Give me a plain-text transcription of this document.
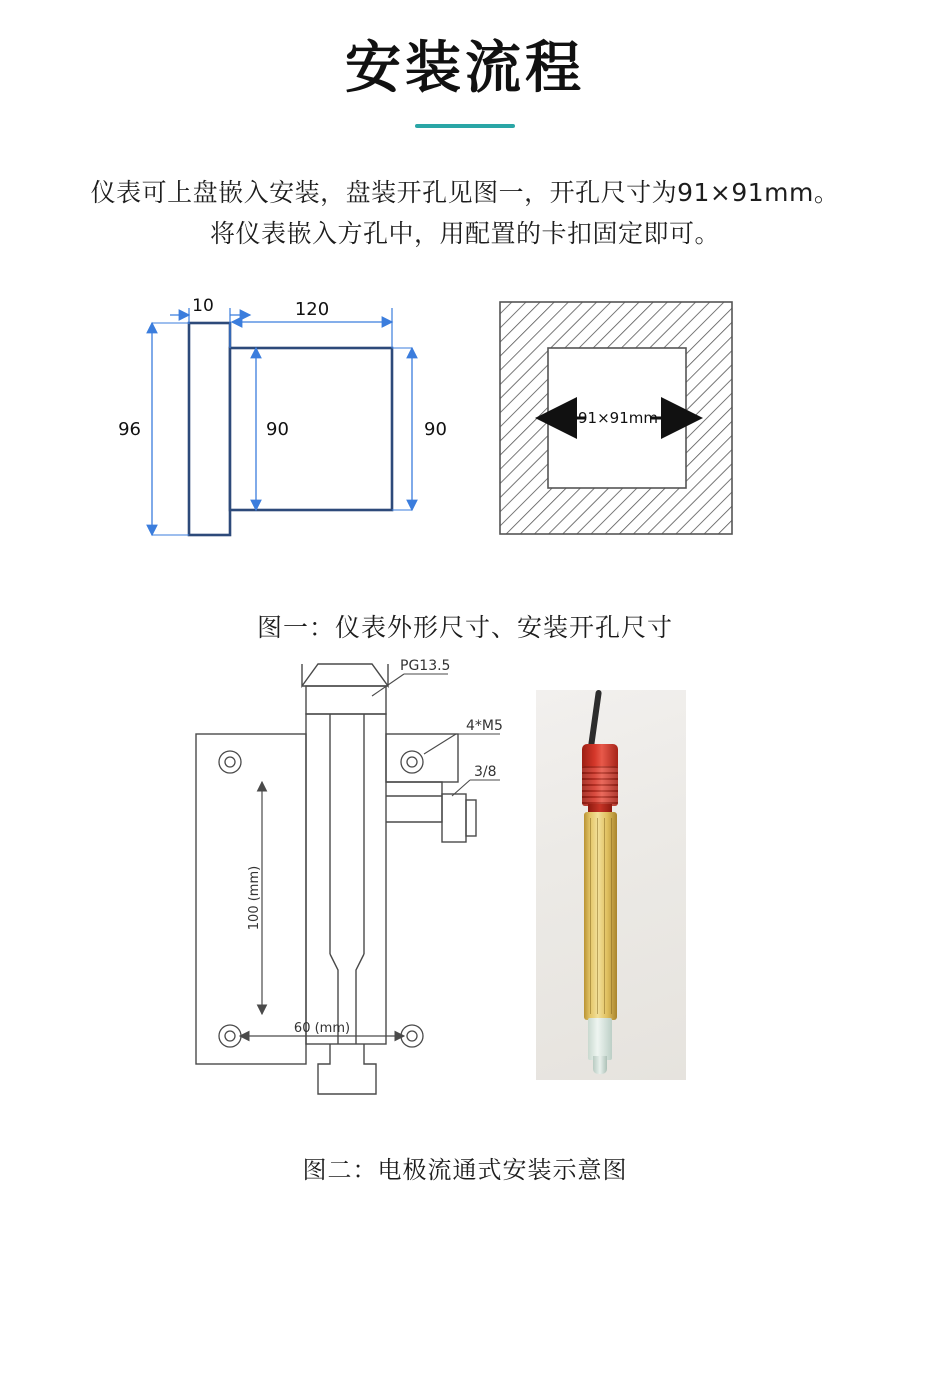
安装流程
仪表可上盘嵌入安装，盘装开孔见图一，开孔尺寸为91×91mm。
将仪表嵌入方孔中，用配置的卡扣固定即可。
10	120
96	90	90
91×91mm
图一：仪表外形尺寸、安装开孔尺寸
PG13.5
4*M5
3/8
100 (mm)
60 (mm)
图二：电极流通式安装示意图
